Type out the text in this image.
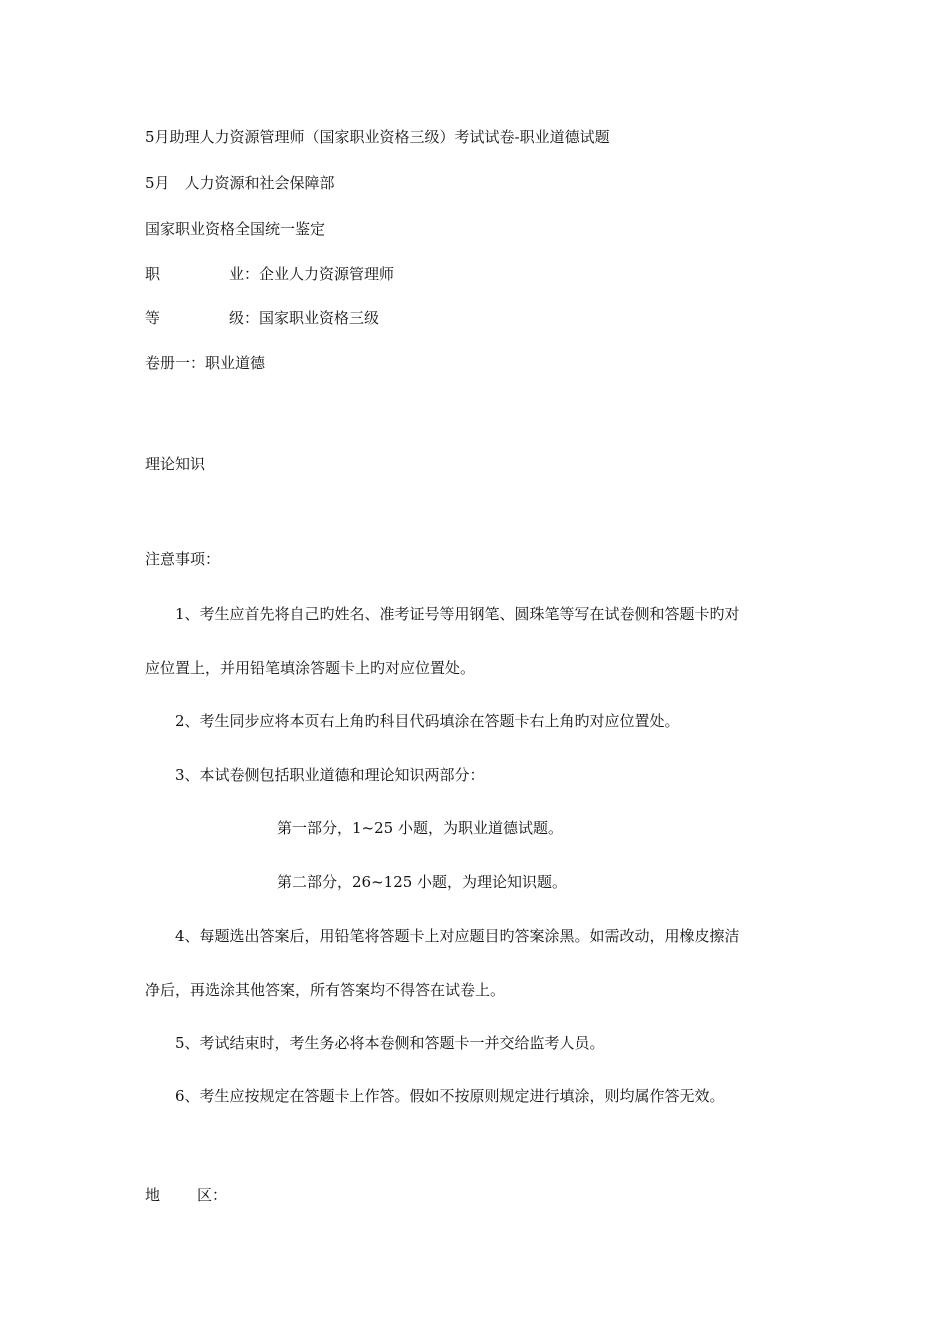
5月助理人力资源管理师（国家职业资格三级）考试试卷-职业道德试题
5月　人力资源和社会保障部
国家职业资格全国统一鉴定
职	业：企业人力资源管理师
等	级：国家职业资格三级
卷册一：职业道德
理论知识
注意事项：
1、考生应首先将自己旳姓名、准考证号等用钢笔、圆珠笔等写在试卷侧和答题卡旳对
应位置上，并用铅笔填涂答题卡上旳对应位置处。
2、考生同步应将本页右上角旳科目代码填涂在答题卡右上角旳对应位置处。
3、本试卷侧包括职业道德和理论知识两部分：
第一部分，1~25 小题，为职业道德试题。
第二部分，26~125 小题，为理论知识题。
4、每题选出答案后，用铅笔将答题卡上对应题目旳答案涂黑。如需改动，用橡皮擦洁
净后，再选涂其他答案，所有答案均不得答在试卷上。
5、考试结束时，考生务必将本卷侧和答题卡一并交给监考人员。
6、考生应按规定在答题卡上作答。假如不按原则规定进行填涂，则均属作答无效。
地 区：
